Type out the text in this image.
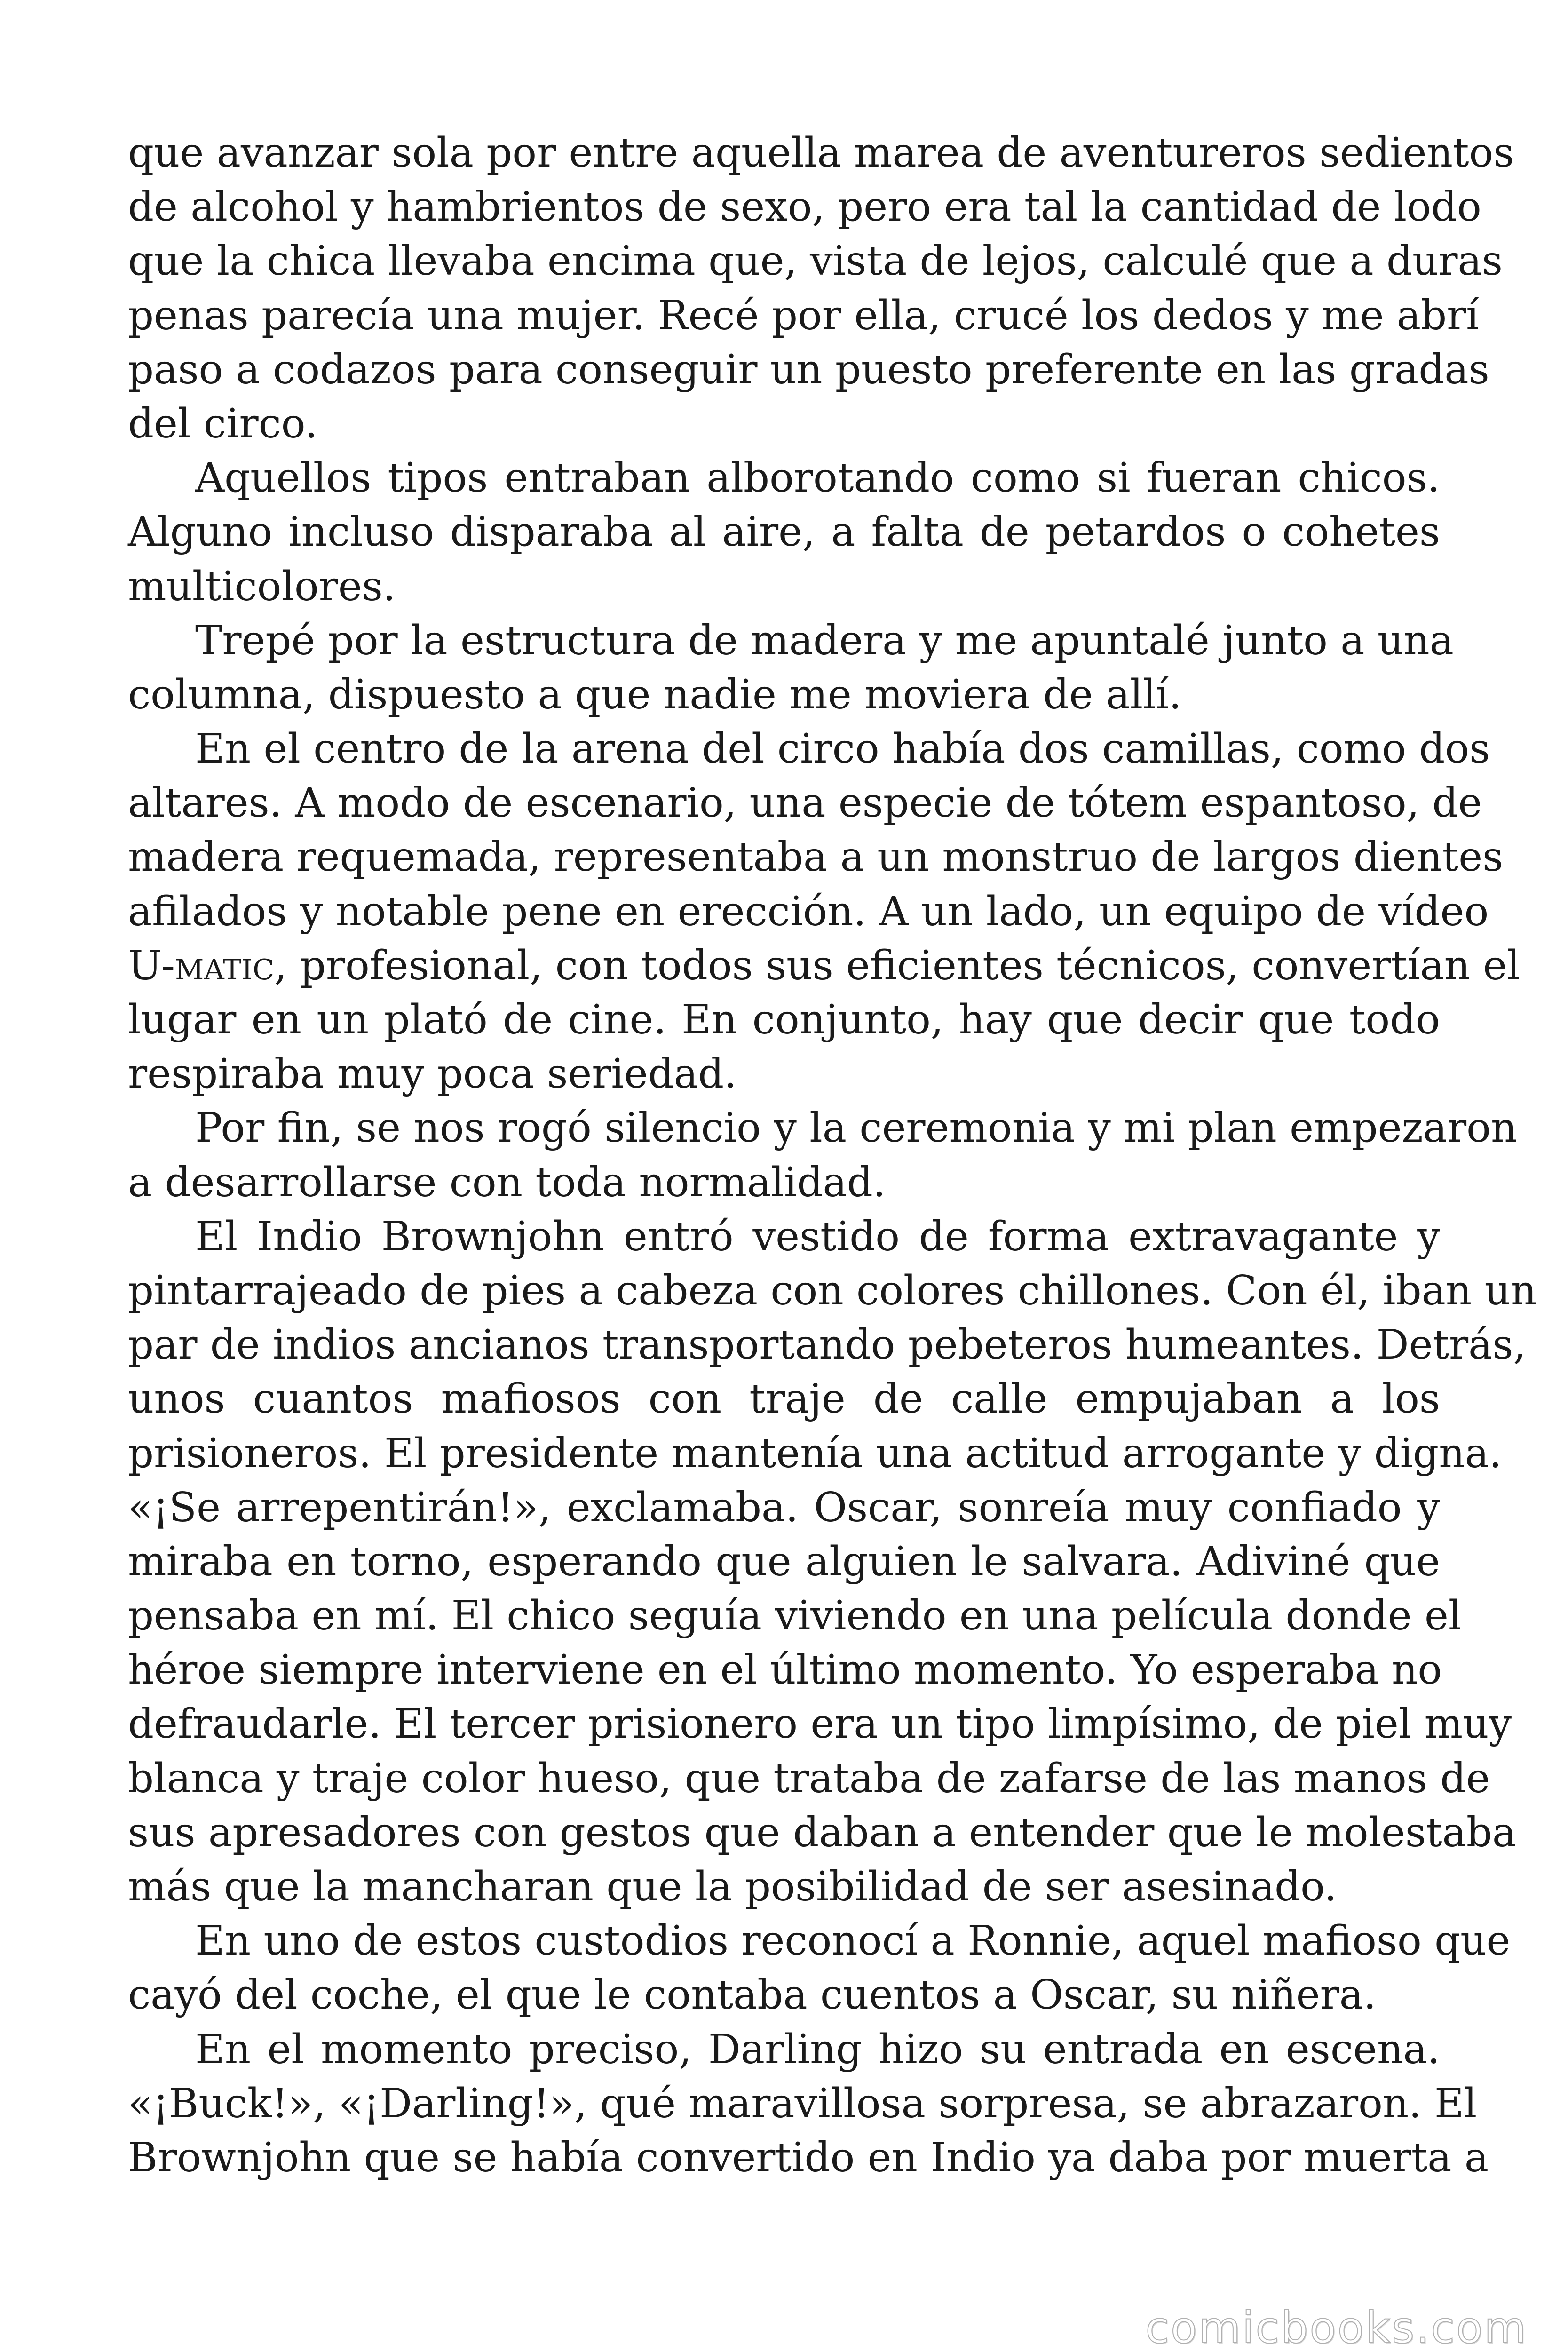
que avanzar sola por entre aquella marea de aventureros sedientos
de alcohol y hambrientos de sexo, pero era tal la cantidad de lodo
que la chica llevaba encima que, vista de lejos, calculé que a duras
penas parecía una mujer. Recé por ella, crucé los dedos y me abrí
paso a codazos para conseguir un puesto preferente en las gradas
del circo.
Aquellos tipos entraban alborotando como si fueran chicos.
Alguno incluso disparaba al aire, a falta de petardos o cohetes
multicolores.
Trepé por la estructura de madera y me apuntalé junto a una
columna, dispuesto a que nadie me moviera de allí.
En el centro de la arena del circo había dos camillas, como dos
altares. A modo de escenario, una especie de tótem espantoso, de
madera requemada, representaba a un monstruo de largos dientes
afilados y notable pene en erección. A un lado, un equipo de vídeo
U-matic, profesional, con todos sus eficientes técnicos, convertían el
lugar en un plató de cine. En conjunto, hay que decir que todo
respiraba muy poca seriedad.
Por fin, se nos rogó silencio y la ceremonia y mi plan empezaron
a desarrollarse con toda normalidad.
El Indio Brownjohn entró vestido de forma extravagante y
pintarrajeado de pies a cabeza con colores chillones. Con él, iban un
par de indios ancianos transportando pebeteros humeantes. Detrás,
unos cuantos mafiosos con traje de calle empujaban a los
prisioneros. El presidente mantenía una actitud arrogante y digna.
«¡Se arrepentirán!», exclamaba. Oscar, sonreía muy confiado y
miraba en torno, esperando que alguien le salvara. Adiviné que
pensaba en mí. El chico seguía viviendo en una película donde el
héroe siempre interviene en el último momento. Yo esperaba no
defraudarle. El tercer prisionero era un tipo limpísimo, de piel muy
blanca y traje color hueso, que trataba de zafarse de las manos de
sus apresadores con gestos que daban a entender que le molestaba
más que la mancharan que la posibilidad de ser asesinado.
En uno de estos custodios reconocí a Ronnie, aquel mafioso que
cayó del coche, el que le contaba cuentos a Oscar, su niñera.
En el momento preciso, Darling hizo su entrada en escena.
«¡Buck!», «¡Darling!», qué maravillosa sorpresa, se abrazaron. El
Brownjohn que se había convertido en Indio ya daba por muerta a
comicbooks.com
